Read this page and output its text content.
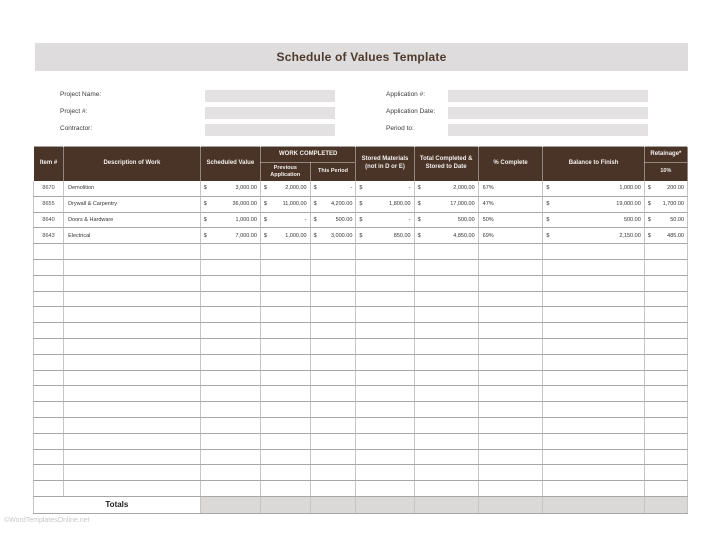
Schedule of Values Template
Project Name:
Project #:
Contractor:
Application #:
Application Date:
Period to:
Item #	Description of Work	Scheduled Value	WORK COMPLETED		Stored Materials (not in D or E)	Total Completed & Stored to Date	% Complete	Balance to Finish	Retainage*
			Previous Application	This Period					10%
8670	Demolition	$ 3,000.00	$ 2,000.00	$ -	$ -	$ 2,000.00	67%	$ 1,000.00	$ 200.00

8655	Drywall & Carpentry	$ 36,000.00	$ 11,000.00	$ 4,200.00	$ 1,800.00	$ 17,000.00	47%	$ 19,000.00	$ 1,700.00

8640	Doors & Hardware	$ 1,000.00	$ -	$ 500.00	$ -	$ 500.00	50%	$ 500.00	$ 50.00

8643	Electrical	$ 7,000.00	$ 1,000.00	$ 3,000.00	$ 850.00	$ 4,850.00	69%	$ 2,150.00	$ 485.00

Totals									
©WordTemplatesOnline.net
